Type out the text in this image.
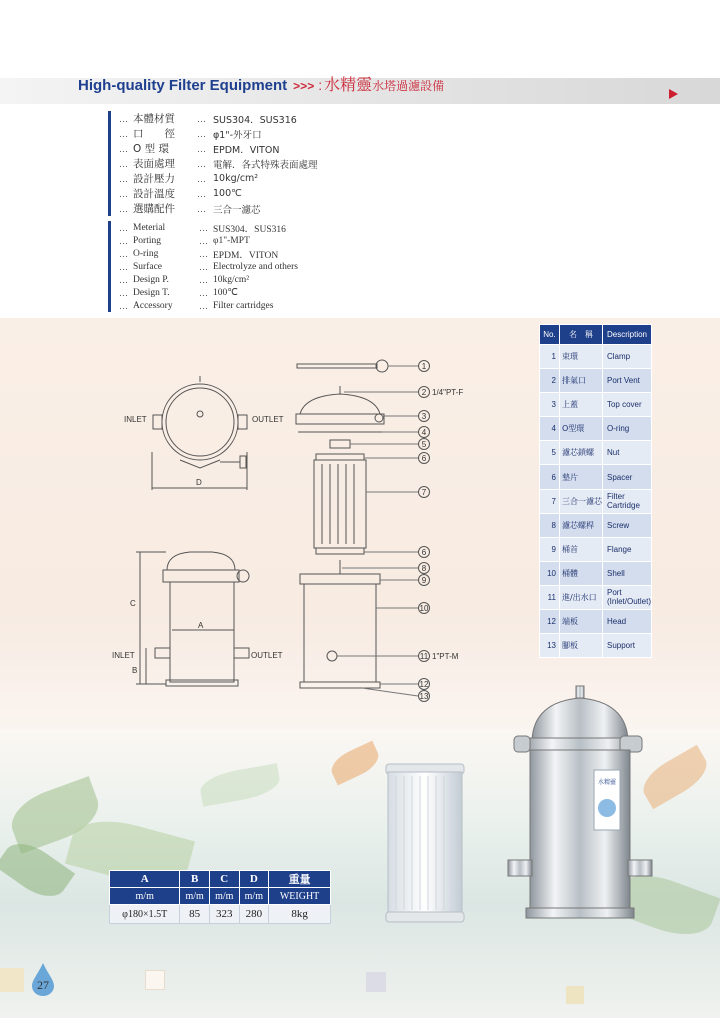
High-quality Filter Equipment >>> : 水精靈 水塔過濾設備
… 本體材質	… SUS304．SUS316
… 口　　徑	… φ1"-外牙口
… O 型 環	… EPDM．VITON
… 表面處理	… 電解．各式特殊表面處理
… 設計壓力	… 10kg/cm²
… 設計溫度	… 100℃
… 選購配件	… 三合一濾芯
… Meterial	… SUS304．SUS316
… Porting	… φ1"-MPT
… O-ring	… EPDM．VITON
… Surface	… Electrolyze and others
… Design P.	… 10kg/cm²
… Design T.	… 100℃
… Accessory	… Filter cartridges
No.	名　稱	Description
1	束環	Clamp
2	排氣口	Port Vent
3	上蓋	Top cover
4	O型環	O-ring
5	濾芯鎖螺	Nut
6	墊片	Spacer
7	三合一濾芯	Filter Cartridge
8	濾芯螺桿	Screw
9	桶首	Flange
10	桶體	Shell
11	進/出水口	Port (Inlet/Outlet)
12	端板	Head
13	腳板	Support
INLET	OUTLET
D
C
A
B
INLET	OUTLET
1
2
3
4
5
6
7
6
8
9
10
11
12
13
1/4"PT-F
1"PT-M
A	B	C	D	重量
m/m	m/m	m/m	m/m	WEIGHT
φ180×1.5T	85	323	280	8kg
水精靈
27
